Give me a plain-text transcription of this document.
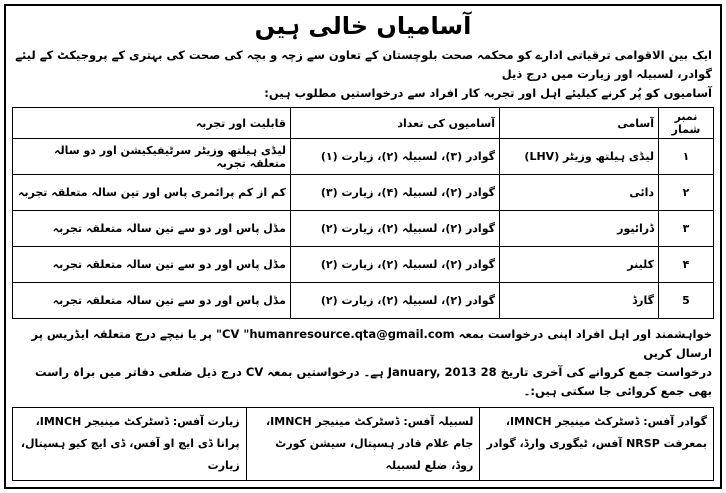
آسامیاں خالی ہیں
ایک بین الاقوامی ترقیاتی ادارے کو محکمہ صحت بلوچستان کے تعاون سے زچہ و بچہ کی صحت کی بہتری کے پروجیکٹ کے لیئے گوادر، لسبیلہ اور زیارت میں درج ذیل
آسامیوں کو پُر کرنے کیلیئے اہل اور تجربہ کار افراد سے درخواستیں مطلوب ہیں:
نمبر شمار	آسامی	آسامیوں کی تعداد	قابلیت اور تجربہ
۱	لیڈی ہیلتھ وزیٹر (LHV)	گوادر (۳)، لسبیلہ (۲)، زیارت (۱)	لیڈی ہیلتھ وزیٹر سرٹیفیکیشن اور دو سالہ متعلقہ تجربہ
۲	دائی	گوادر (۲)، لسبیلہ (۴)، زیارت (۳)	کم از کم پرائمری پاس اور تین سالہ متعلقہ تجربہ
۳	ڈرائیور	گوادر (۲)، لسبیلہ (۲)، زیارت (۲)	مڈل پاس اور دو سے تین سالہ متعلقہ تجربہ
۴	کلینر	گوادر (۲)، لسبیلہ (۲)، زیارت (۲)	مڈل پاس اور دو سے تین سالہ متعلقہ تجربہ
5	گارڈ	گوادر (۲)، لسبیلہ (۲)، زیارت (۲)	مڈل پاس اور دو سے تین سالہ متعلقہ تجربہ
خواہشمند اور اہل افراد اپنی درخواست بمعہ CV "humanresource.qta@gmail.com" پر یا نیچے درج متعلقہ ایڈریس پر ارسال کریں
درخواست جمع کروانے کی آخری تاریخ 28 January, 2013 ہے۔ درخواستیں بمعہ CV درج ذیل ضلعی دفاتر میں براہ راست بھی جمع کروائی جا سکتی ہیں:۔
گوادر آفس: ڈسٹرکٹ مینیجر IMNCH،
بمعرفت NRSP آفس، ٹیگوری وارڈ، گوادر
لسبیلہ آفس: ڈسٹرکٹ مینیجر IMNCH،
جام غلام قادر ہسپتال، سیشن کورٹ روڈ، ضلع لسبیلہ
زیارت آفس: ڈسٹرکٹ مینیجر IMNCH،
پرانا ڈی ایچ او آفس، ڈی ایچ کیو ہسپتال، زیارت
